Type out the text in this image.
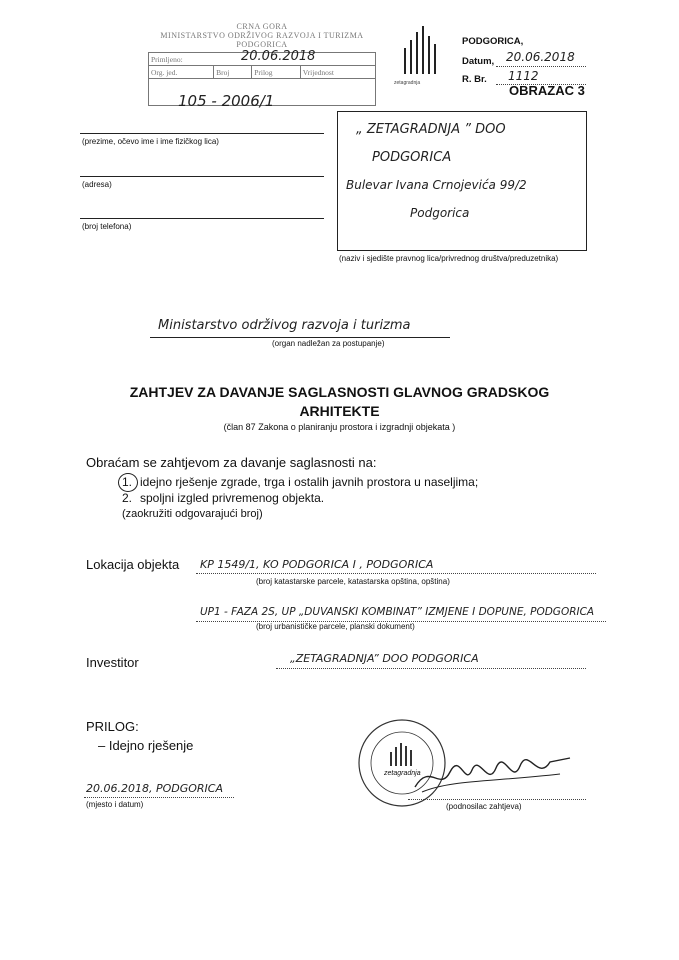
CRNA GORA
MINISTARSTVO ODRŽIVOG RAZVOJA I TURIZMA
PODGORICA
Primljeno:	20.06.2018

Org. jed.	Broj	Prilog	Vrijednost

105 - 2006/1
zetagradnja
PODGORICA,
Datum, 20.06.2018
R. Br. 1112
OBRAZAC 3
(prezime, očevo ime i ime fizičkog lica)
(adresa)
(broj telefona)
„ ZETAGRADNJA ” DOO
PODGORICA
Bulevar Ivana Crnojevića 99/2
Podgorica
(naziv i sjedište pravnog lica/privrednog društva/preduzetnika)
Ministarstvo održivog razvoja i turizma
(organ nadležan za postupanje)
ZAHTJEV ZA DAVANJE SAGLASNOSTI GLAVNOG GRADSKOG
ARHITEKTE
(član 87 Zakona o planiranju prostora i izgradnji objekata )
Obraćam se zahtjevom za davanje saglasnosti na:
1. idejno rješenje zgrade, trga i ostalih javnih prostora u naseljima;
2. spoljni izgled privremenog objekta.
(zaokružiti odgovarajući broj)
Lokacija objekta KP 1549/1, KO PODGORICA I , PODGORICA
(broj katastarske parcele, katastarska opština, opština)
UP1 - FAZA 2S, UP „DUVANSKI KOMBINAT” IZMJENE I DOPUNE, PODGORICA
(broj urbanističke parcele, planski dokument)
Investitor	„ZETAGRADNJA” DOO PODGORICA
PRILOG:
– Idejno rješenje
20.06.2018, PODGORICA
(mjesto i datum)
zetagradnja
(podnosilac zahtjeva)
